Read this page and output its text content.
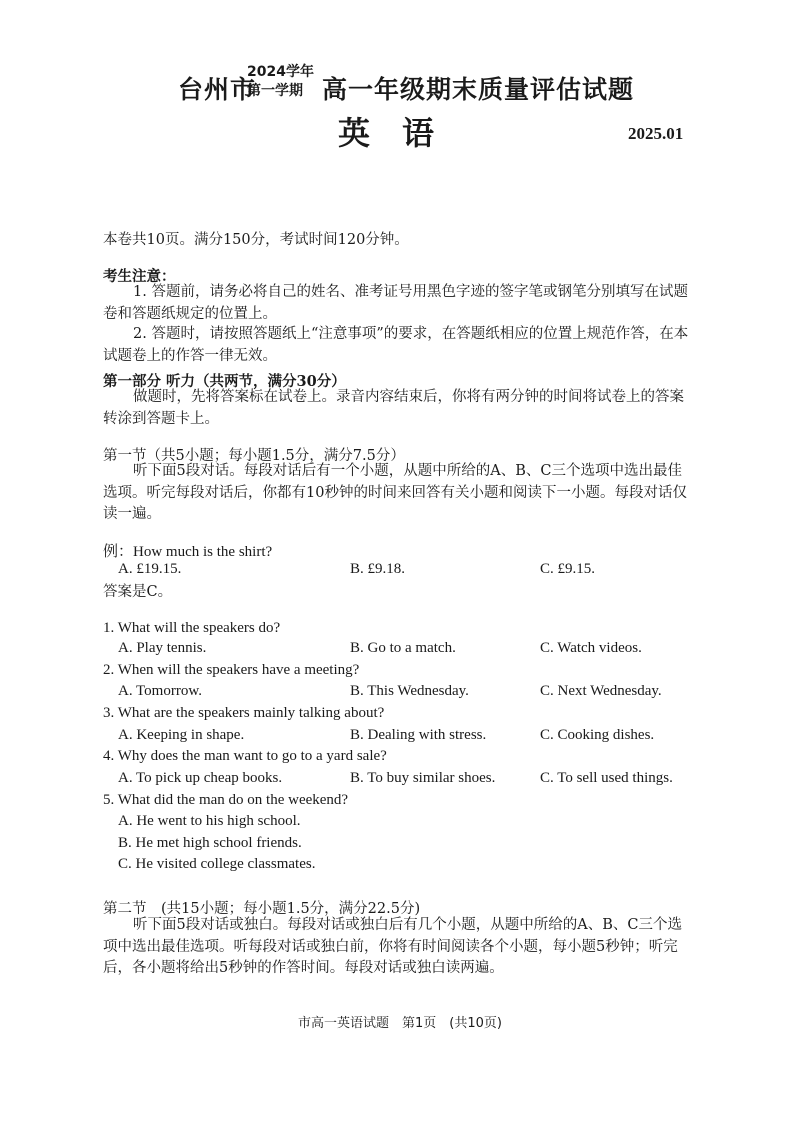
台州市
2024学年
第一学期 高一年级期末质量评估试题
英　语	2025.01
本卷共10页。满分150分，考试时间120分钟。
考生注意：
1. 答题前，请务必将自己的姓名、准考证号用黑色字迹的签字笔或钢笔分别填写在试题卷和答题纸规定的位置上。
2. 答题时，请按照答题纸上“注意事项”的要求，在答题纸相应的位置上规范作答，在本试题卷上的作答一律无效。
第一部分 听力（共两节，满分30分）
做题时，先将答案标在试卷上。录音内容结束后，你将有两分钟的时间将试卷上的答案转涂到答题卡上。
第一节（共5小题；每小题1.5分，满分7.5分）
听下面5段对话。每段对话后有一个小题，从题中所给的A、B、C三个选项中选出最佳选项。听完每段对话后，你都有10秒钟的时间来回答有关小题和阅读下一小题。每段对话仅读一遍。
例：How much is the shirt?
A. £19.15.	B. £9.18.	C. £9.15.
答案是C。
1. What will the speakers do?
A. Play tennis.	B. Go to a match.	C. Watch videos.
2. When will the speakers have a meeting?
A. Tomorrow.	B. This Wednesday.	C. Next Wednesday.
3. What are the speakers mainly talking about?
A. Keeping in shape.	B. Dealing with stress.	C. Cooking dishes.
4. Why does the man want to go to a yard sale?
A. To pick up cheap books.	B. To buy similar shoes.	C. To sell used things.
5. What did the man do on the weekend?
A. He went to his high school.
B. He met high school friends.
C. He visited college classmates.
第二节　(共15小题；每小题1.5分，满分22.5分)
听下面5段对话或独白。每段对话或独白后有几个小题，从题中所给的A、B、C三个选项中选出最佳选项。听每段对话或独白前，你将有时间阅读各个小题，每小题5秒钟；听完后，各小题将给出5秒钟的作答时间。每段对话或独白读两遍。
市高一英语试题　第1页　(共10页)
